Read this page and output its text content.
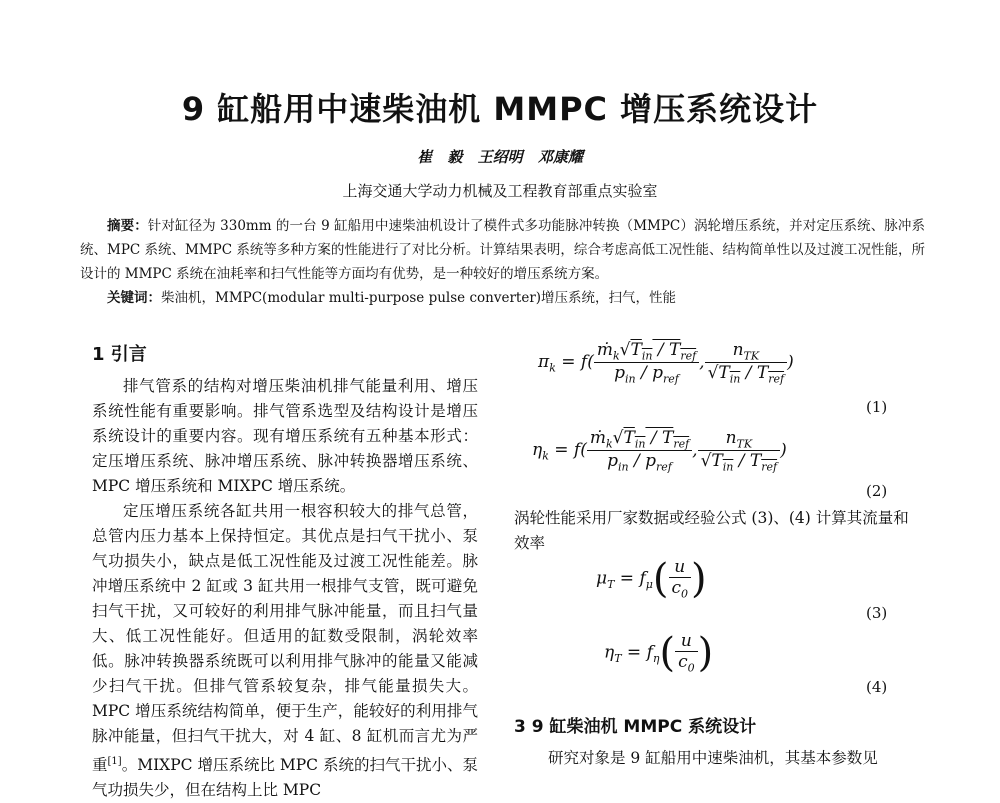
9 缸船用中速柴油机 MMPC 增压系统设计
崔 毅 王绍明 邓康耀
上海交通大学动力机械及工程教育部重点实验室

摘要：针对缸径为 330mm 的一台 9 缸船用中速柴油机设计了模件式多功能脉冲转换（MMPC）涡轮增压系统，并对定压系统、脉冲系统、MPC 系统、MMPC 系统等多种方案的性能进行了对比分析。计算结果表明，综合考虑高低工况性能、结构简单性以及过渡工况性能，所设计的 MMPC 系统在油耗率和扫气性能等方面均有优势，是一种较好的增压系统方案。

关键词：柴油机，MMPC(modular multi-purpose pulse converter)增压系统，扫气，性能

1 引言

排气管系的结构对增压柴油机排气能量利用、增压系统性能有重要影响。排气管系选型及结构设计是增压系统设计的重要内容。现有增压系统有五种基本形式：定压增压系统、脉冲增压系统、脉冲转换器增压系统、MPC 增压系统和 MIXPC 增压系统。

定压增压系统各缸共用一根容积较大的排气总管，总管内压力基本上保持恒定。其优点是扫气干扰小、泵气功损失小，缺点是低工况性能及过渡工况性能差。脉冲增压系统中 2 缸或 3 缸共用一根排气支管，既可避免扫气干扰，又可较好的利用排气脉冲能量，而且扫气量大、低工况性能好。但适用的缸数受限制，涡轮效率低。脉冲转换器系统既可以利用排气脉冲的能量又能减少扫气干扰。但排气管系较复杂，排气能量损失大。MPC 增压系统结构简单，便于生产，能较好的利用排气脉冲能量，但扫气干扰大，对 4 缸、8 缸机而言尤为严重[1]。MIXPC 增压系统比 MPC 系统的扫气干扰小、泵气功损失少，但在结构上比 MPC

$\pi_k = f( \frac{ṁ_k√T_{in} / T_{ref}}{p_{in} / p_{ref}}$ , $\frac{n_{TK}}{√T_{in} / T_{ref}}$ )
(1)
$\eta_k = f( \frac{ṁ_k√T_{in} / T_{ref}}{p_{in} / p_{ref}}$ , $\frac{n_{TK}}{√T_{in} / T_{ref}}$ )
(2)

涡轮性能采用厂家数据或经验公式 (3)、(4) 计算其流量和效率

$\mu_T = f_\mu( \frac{u}{c_0}$ )
(3)
$\eta_T = f_\eta( \frac{u}{c_0}$ )
(4)
3 9 缸柴油机 MMPC 系统设计

研究对象是 9 缸船用中速柴油机，其基本参数见
